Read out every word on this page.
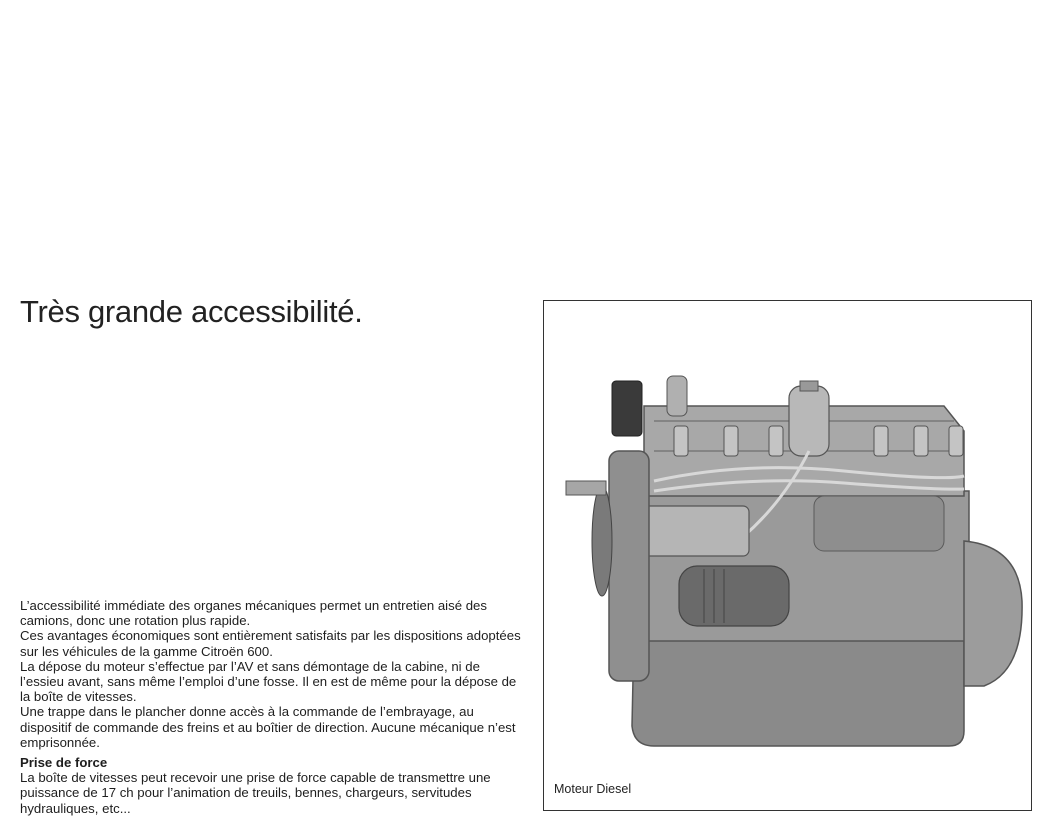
Très grande accessibilité.

L’accessibilité immédiate des organes mécaniques permet un entretien aisé des camions, donc une rotation plus rapide.

Ces avantages économiques sont entièrement satisfaits par les dispositions adoptées sur les véhicules de la gamme Citroën 600.

La dépose du moteur s’effectue par l’AV et sans démontage de la cabine, ni de l’essieu avant, sans même l’emploi d’une fosse. Il en est de même pour la dépose de la boîte de vitesses.

Une trappe dans le plancher donne accès à la commande de l’embrayage, au dispositif de commande des freins et au boîtier de direction. Aucune mécanique n’est emprisonnée.

Prise de force

La boîte de vitesses peut recevoir une prise de force capable de transmettre une puissance de 17 ch pour l’animation de treuils, bennes, chargeurs, servitudes hydrauliques, etc...

Moteur Diesel
